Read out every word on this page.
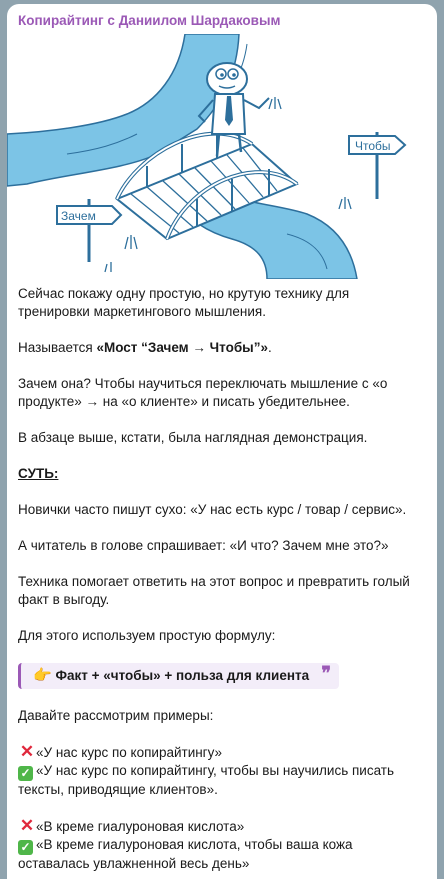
Копирайтинг с Даниилом Шардаковым
Зачем
Чтобы

Сейчас покажу одну простую, но крутую технику для тренировки маркетингового мышления.

Называется «Мост “Зачем → Чтобы”».

Зачем она? Чтобы научиться переключать мышление с «о продукте» → на «о клиенте» и писать убедительнее.

В абзаце выше, кстати, была наглядная демонстрация.

СУТЬ:

Новички часто пишут сухо: «У нас есть курс / товар / сервис».

А читатель в голове спрашивает: «И что? Зачем мне это?»

Техника помогает ответить на этот вопрос и превратить голый факт в выгоду.

Для этого используем простую формулу:

👉 Факт + «чтобы» + польза для клиента ❞

Давайте рассмотрим примеры:

✕ «У нас курс по копирайтингу»

✓ «У нас курс по копирайтингу, чтобы вы научились писать тексты, приводящие клиентов».

✕ «В креме гиалуроновая кислота»

✓ «В креме гиалуроновая кислота, чтобы ваша кожа оставалась увлажненной весь день»
